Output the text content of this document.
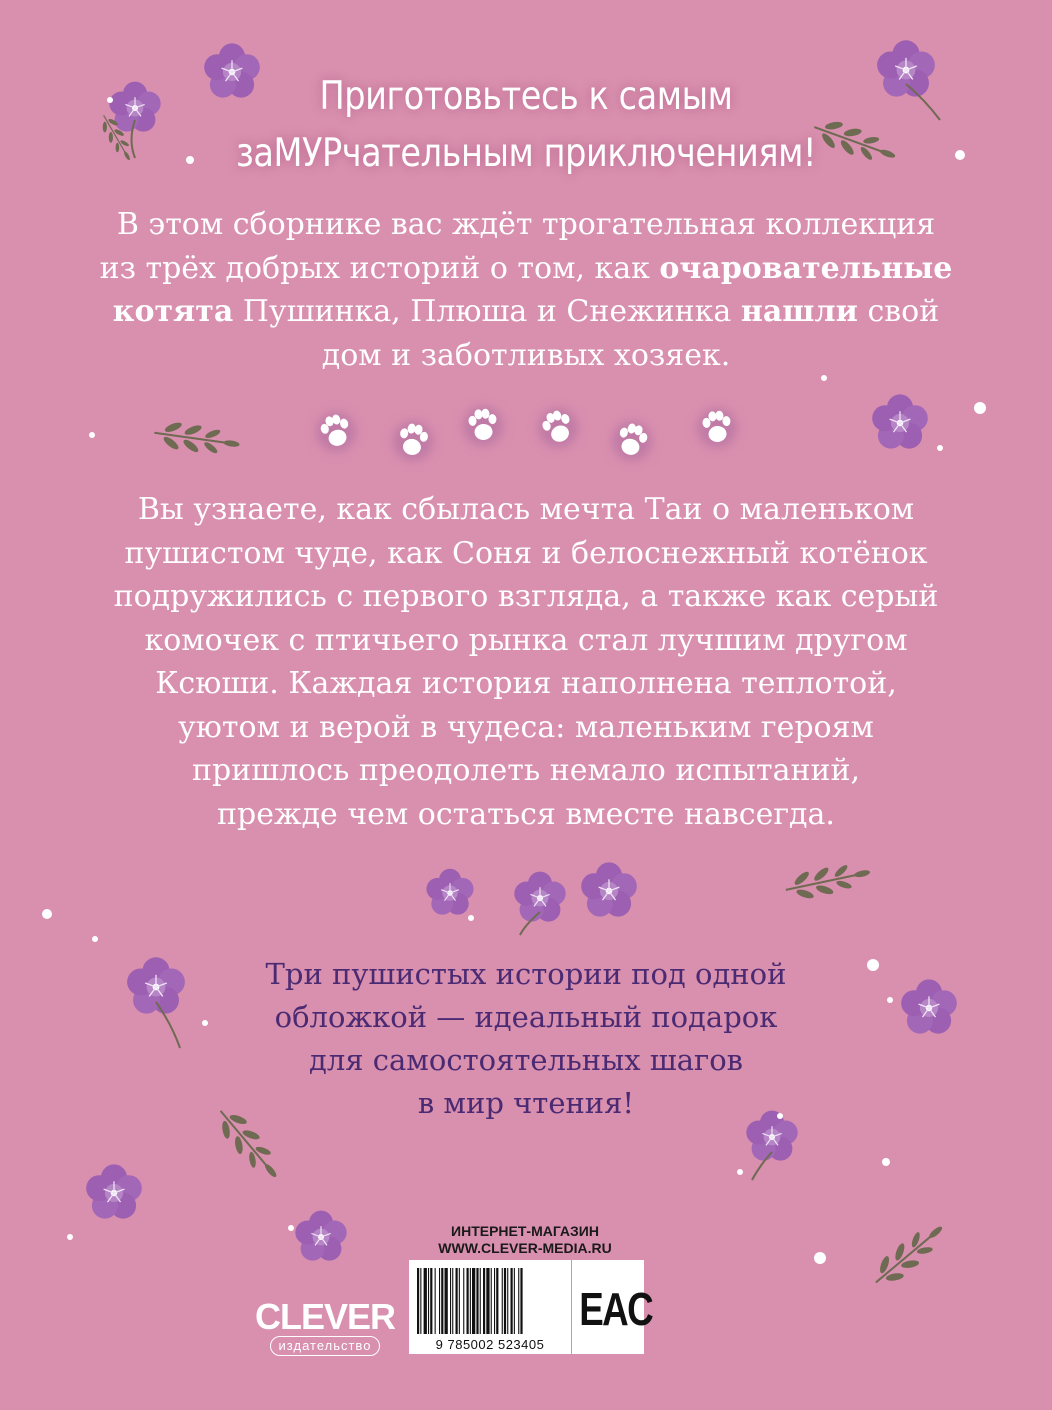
Приготовьтесь к самым
заМУРчательным приключениям!

В этом сборнике вас ждёт трогательная коллекция
из трёх добрых историй о том, как очаровательные
котята Пушинка, Плюша и Снежинка нашли свой
дом и заботливых хозяек.

Вы узнаете, как сбылась мечта Таи о маленьком
пушистом чуде, как Соня и белоснежный котёнок
подружились с первого взгляда, а также как серый
комочек с птичьего рынка стал лучшим другом
Ксюши. Каждая история наполнена теплотой,
уютом и верой в чудеса: маленьким героям
пришлось преодолеть немало испытаний,
прежде чем остаться вместе навсегда.

Три пушистых истории под одной
обложкой — идеальный подарок
для самостоятельных шагов
в мир чтения!

ИНТЕРНЕТ-МАГАЗИН
WWW.CLEVER-MEDIA.RU
9 785002 523405
EAC
CLEVER
издательство
